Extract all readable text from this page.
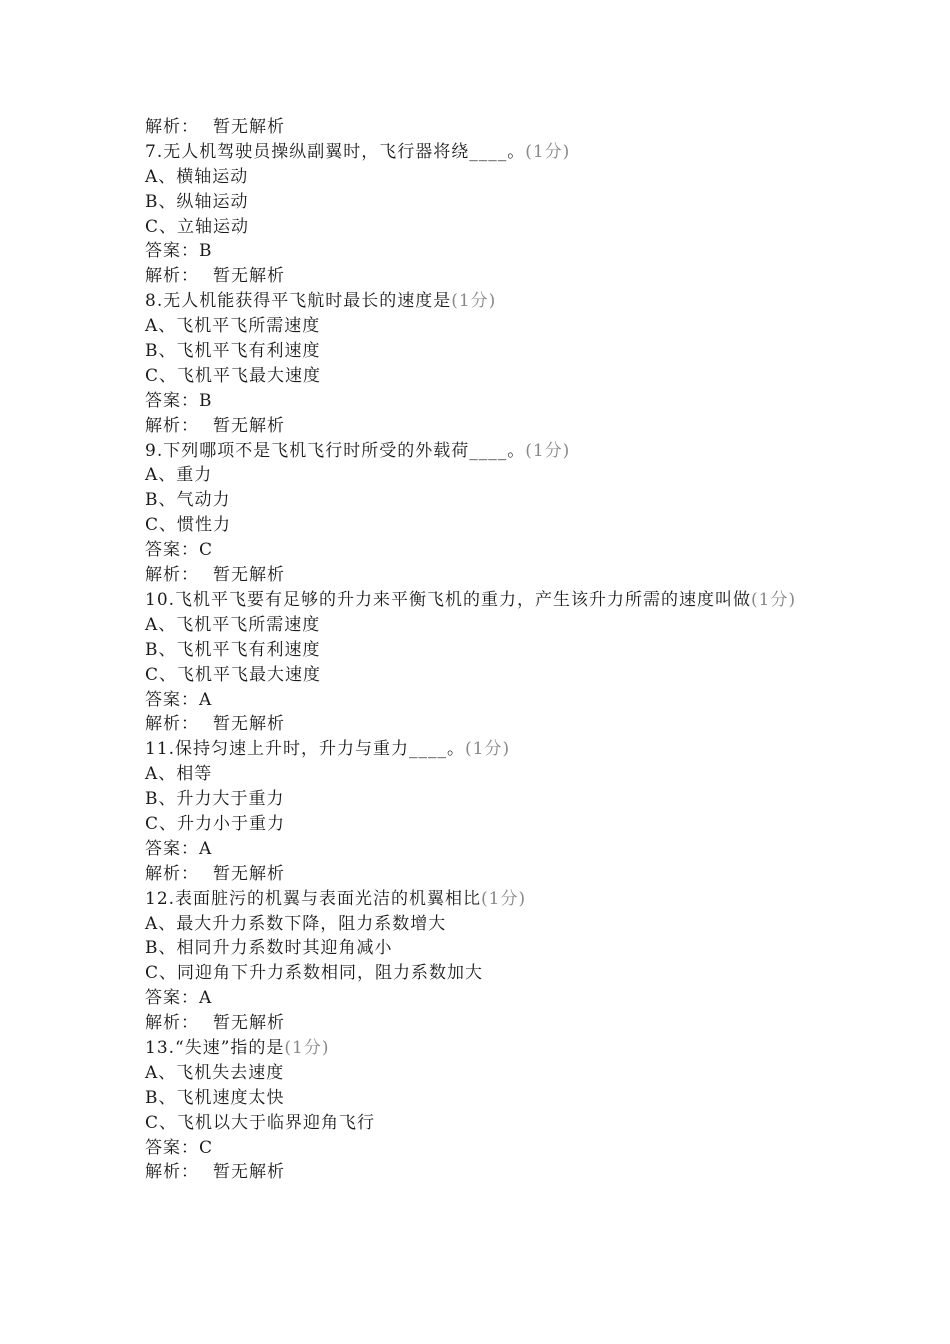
解析： 暂无解析
7.无人机驾驶员操纵副翼时，飞行器将绕____。(1分)
A、横轴运动
B、纵轴运动
C、立轴运动
答案：B
解析： 暂无解析
8.无人机能获得平飞航时最长的速度是(1分)
A、飞机平飞所需速度
B、飞机平飞有利速度
C、飞机平飞最大速度
答案：B
解析： 暂无解析
9.下列哪项不是飞机飞行时所受的外载荷____。(1分)
A、重力
B、气动力
C、惯性力
答案：C
解析： 暂无解析
10.飞机平飞要有足够的升力来平衡飞机的重力，产生该升力所需的速度叫做(1分)
A、飞机平飞所需速度
B、飞机平飞有利速度
C、飞机平飞最大速度
答案：A
解析： 暂无解析
11.保持匀速上升时，升力与重力____。(1分)
A、相等
B、升力大于重力
C、升力小于重力
答案：A
解析： 暂无解析
12.表面脏污的机翼与表面光洁的机翼相比(1分)
A、最大升力系数下降，阻力系数增大
B、相同升力系数时其迎角减小
C、同迎角下升力系数相同，阻力系数加大
答案：A
解析： 暂无解析
13.“失速”指的是(1分)
A、飞机失去速度
B、飞机速度太快
C、飞机以大于临界迎角飞行
答案：C
解析： 暂无解析
